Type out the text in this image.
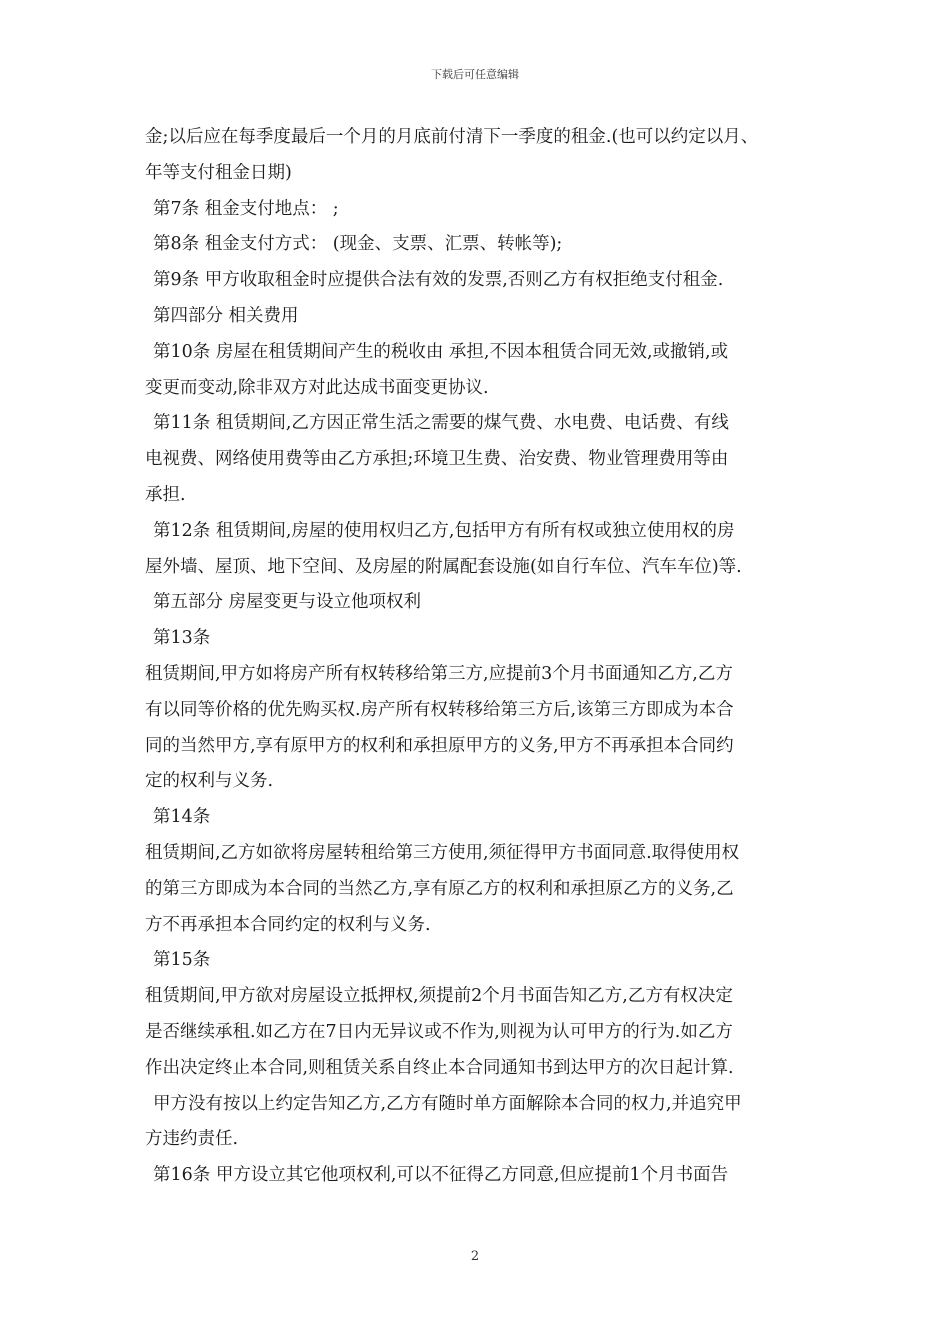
下载后可任意编辑
金;以后应在每季度最后一个月的月底前付清下一季度的租金.(也可以约定以月、
年等支付租金日期)
第7条 租金支付地点： ;
第8条 租金支付方式： (现金、支票、汇票、转帐等);
第9条 甲方收取租金时应提供合法有效的发票,否则乙方有权拒绝支付租金.
第四部分 相关费用
第10条 房屋在租赁期间产生的税收由 承担,不因本租赁合同无效,或撤销,或
变更而变动,除非双方对此达成书面变更协议.
第11条 租赁期间,乙方因正常生活之需要的煤气费、水电费、电话费、有线
电视费、网络使用费等由乙方承担;环境卫生费、治安费、物业管理费用等由
承担.
第12条 租赁期间,房屋的使用权归乙方,包括甲方有所有权或独立使用权的房
屋外墙、屋顶、地下空间、及房屋的附属配套设施(如自行车位、汽车车位)等.
第五部分 房屋变更与设立他项权利
第13条
租赁期间,甲方如将房产所有权转移给第三方,应提前3个月书面通知乙方,乙方
有以同等价格的优先购买权.房产所有权转移给第三方后,该第三方即成为本合
同的当然甲方,享有原甲方的权利和承担原甲方的义务,甲方不再承担本合同约
定的权利与义务.
第14条
租赁期间,乙方如欲将房屋转租给第三方使用,须征得甲方书面同意.取得使用权
的第三方即成为本合同的当然乙方,享有原乙方的权利和承担原乙方的义务,乙
方不再承担本合同约定的权利与义务.
第15条
租赁期间,甲方欲对房屋设立抵押权,须提前2个月书面告知乙方,乙方有权决定
是否继续承租.如乙方在7日内无异议或不作为,则视为认可甲方的行为.如乙方
作出决定终止本合同,则租赁关系自终止本合同通知书到达甲方的次日起计算.
甲方没有按以上约定告知乙方,乙方有随时单方面解除本合同的权力,并追究甲
方违约责任.
第16条 甲方设立其它他项权利,可以不征得乙方同意,但应提前1个月书面告
2
